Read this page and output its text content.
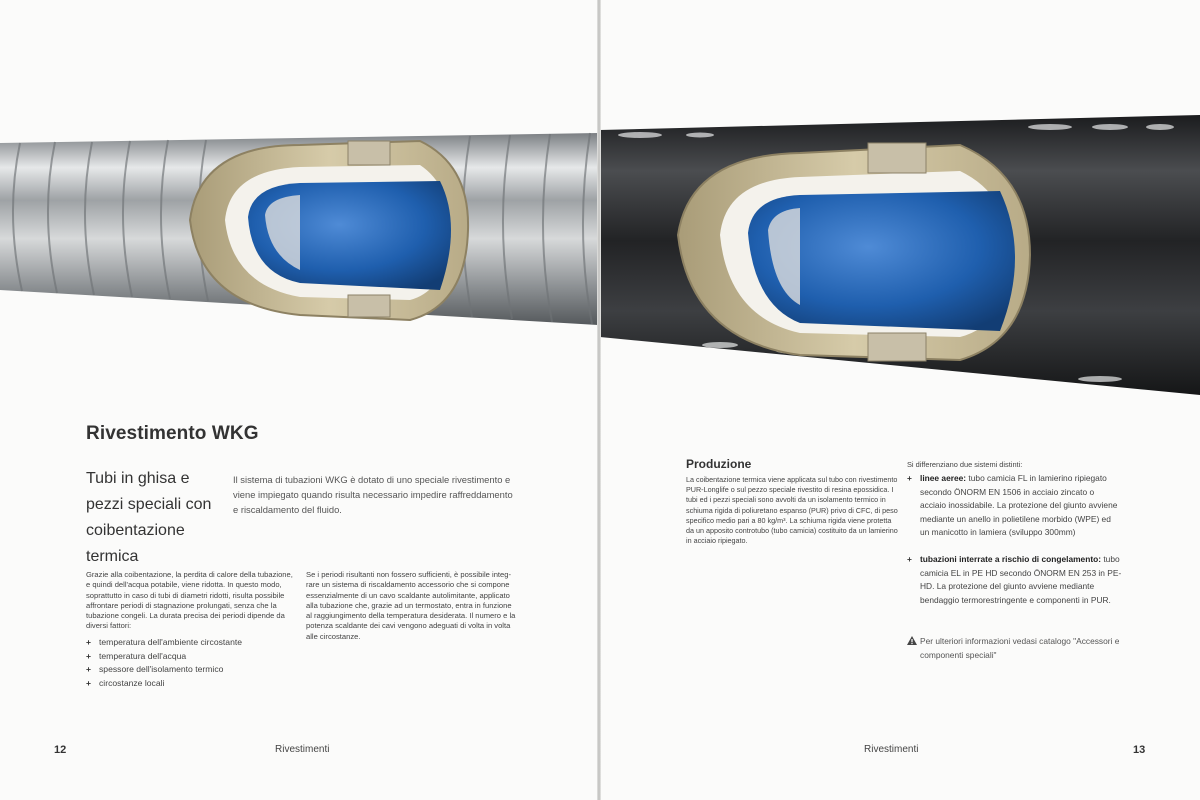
Rivestimento WKG

Tubi in ghisa e pezzi speciali con coibentazione termica

Il sistema di tubazioni WKG è dotato di uno speciale rivestimento e viene impiegato quando risulta necessario impedire raffreddamento e riscaldamento del fluido.

Grazie alla coibentazione, la perdita di calore della tubazione, e quindi dell'acqua potabile, viene ridotta. In questo modo, soprattutto in caso di tubi di diametri ridotti, risulta possibile affrontare periodi di stagnazione prolungati, senza che la tubazione congeli. La durata precisa dei periodi dipende da diversi fattori:

+ temperatura dell'ambiente circostante
+ temperatura dell'acqua
+ spessore dell'isolamento termico
+ circostanze locali

Se i periodi risultanti non fossero sufficienti, è possibile integrare un sistema di riscaldamento accessorio che si compone essenzialmente di un cavo scaldante autolimitante, applicato alla tubazione che, grazie ad un termostato, entra in funzione al raggiungimento della temperatura desiderata. Il numero e la potenza scaldante dei cavi vengono adeguati di volta in volta alle circostanze.

12	Rivestimenti
Produzione

La coibentazione termica viene applicata sul tubo con rivestimento PUR-Longlife o sul pezzo speciale rivestito di resina epossidica. I tubi ed i pezzi speciali sono avvolti da un isolamento termico in schiuma rigida di poliuretano espanso (PUR) privo di CFC, di peso specifico medio pari a 80 kg/m³. La schiuma rigida viene protetta da un apposito controtubo (tubo camicia) costituito da un lamierino in acciaio ripiegato.

Si differenziano due sistemi distinti:

+ linee aeree: tubo camicia FL in lamierino ripiegato secondo ÖNORM EN 1506 in acciaio zincato o acciaio inossidabile. La protezione del giunto avviene mediante un anello in polietilene morbido (WPE) ed un manicotto in lamiera (sviluppo 300mm)
+ tubazioni interrate a rischio di congelamento: tubo camicia EL in PE HD secondo ÖNORM EN 253 in PE-HD. La protezione del giunto avviene mediante bendaggio termorestringente e componenti in PUR.
Per ulteriori informazioni vedasi catalogo "Accessori e componenti speciali"
Rivestimenti	13
